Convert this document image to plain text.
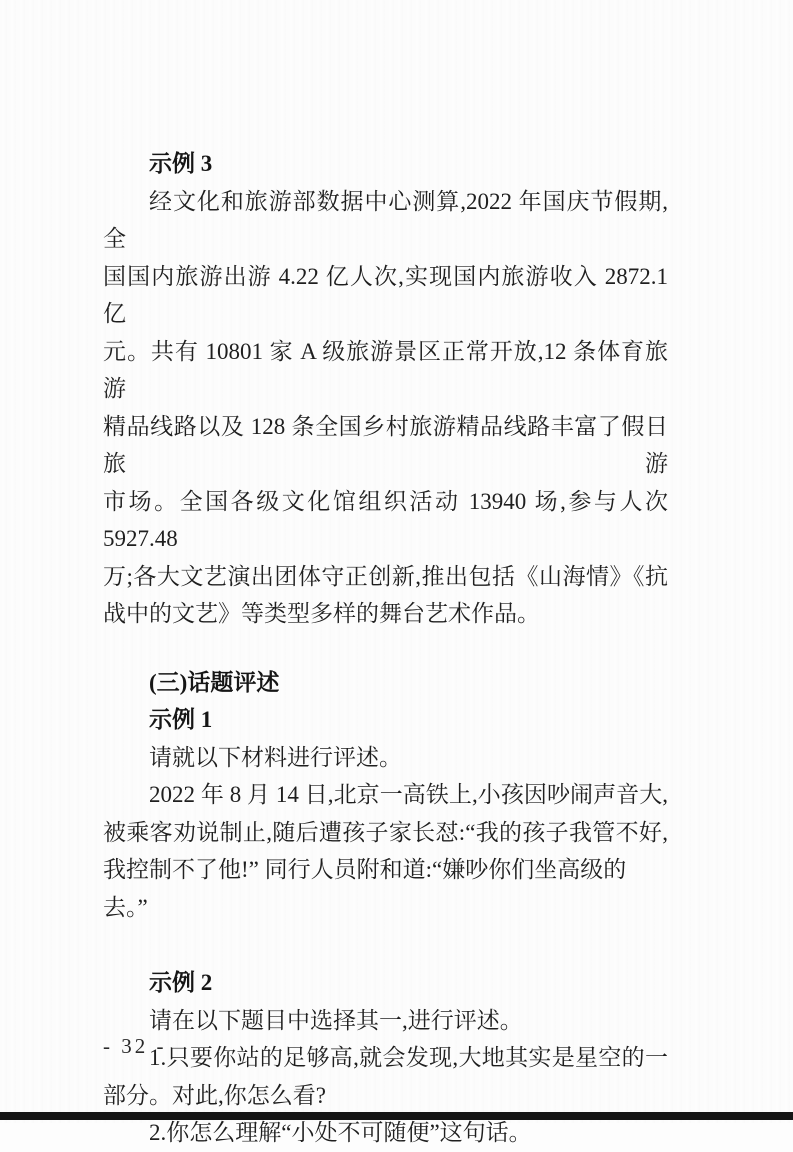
示例 3
经文化和旅游部数据中心测算,2022 年国庆节假期,全
国国内旅游出游 4.22 亿人次,实现国内旅游收入 2872.1 亿
元。共有 10801 家 A 级旅游景区正常开放,12 条体育旅游
精品线路以及 128 条全国乡村旅游精品线路丰富了假日旅游
市场。全国各级文化馆组织活动 13940 场,参与人次 5927.48
万;各大文艺演出团体守正创新,推出包括《山海情》《抗
战中的文艺》等类型多样的舞台艺术作品。
(三)话题评述
示例 1
请就以下材料进行评述。
2022 年 8 月 14 日,北京一高铁上,小孩因吵闹声音大,
被乘客劝说制止,随后遭孩子家长怼:“我的孩子我管不好,
我控制不了他!” 同行人员附和道:“嫌吵你们坐高级的去。”
示例 2
请在以下题目中选择其一,进行评述。
1.只要你站的足够高,就会发现,大地其实是星空的一
部分。对此,你怎么看?
2.你怎么理解“小处不可随便”这句话。
- 32 -
